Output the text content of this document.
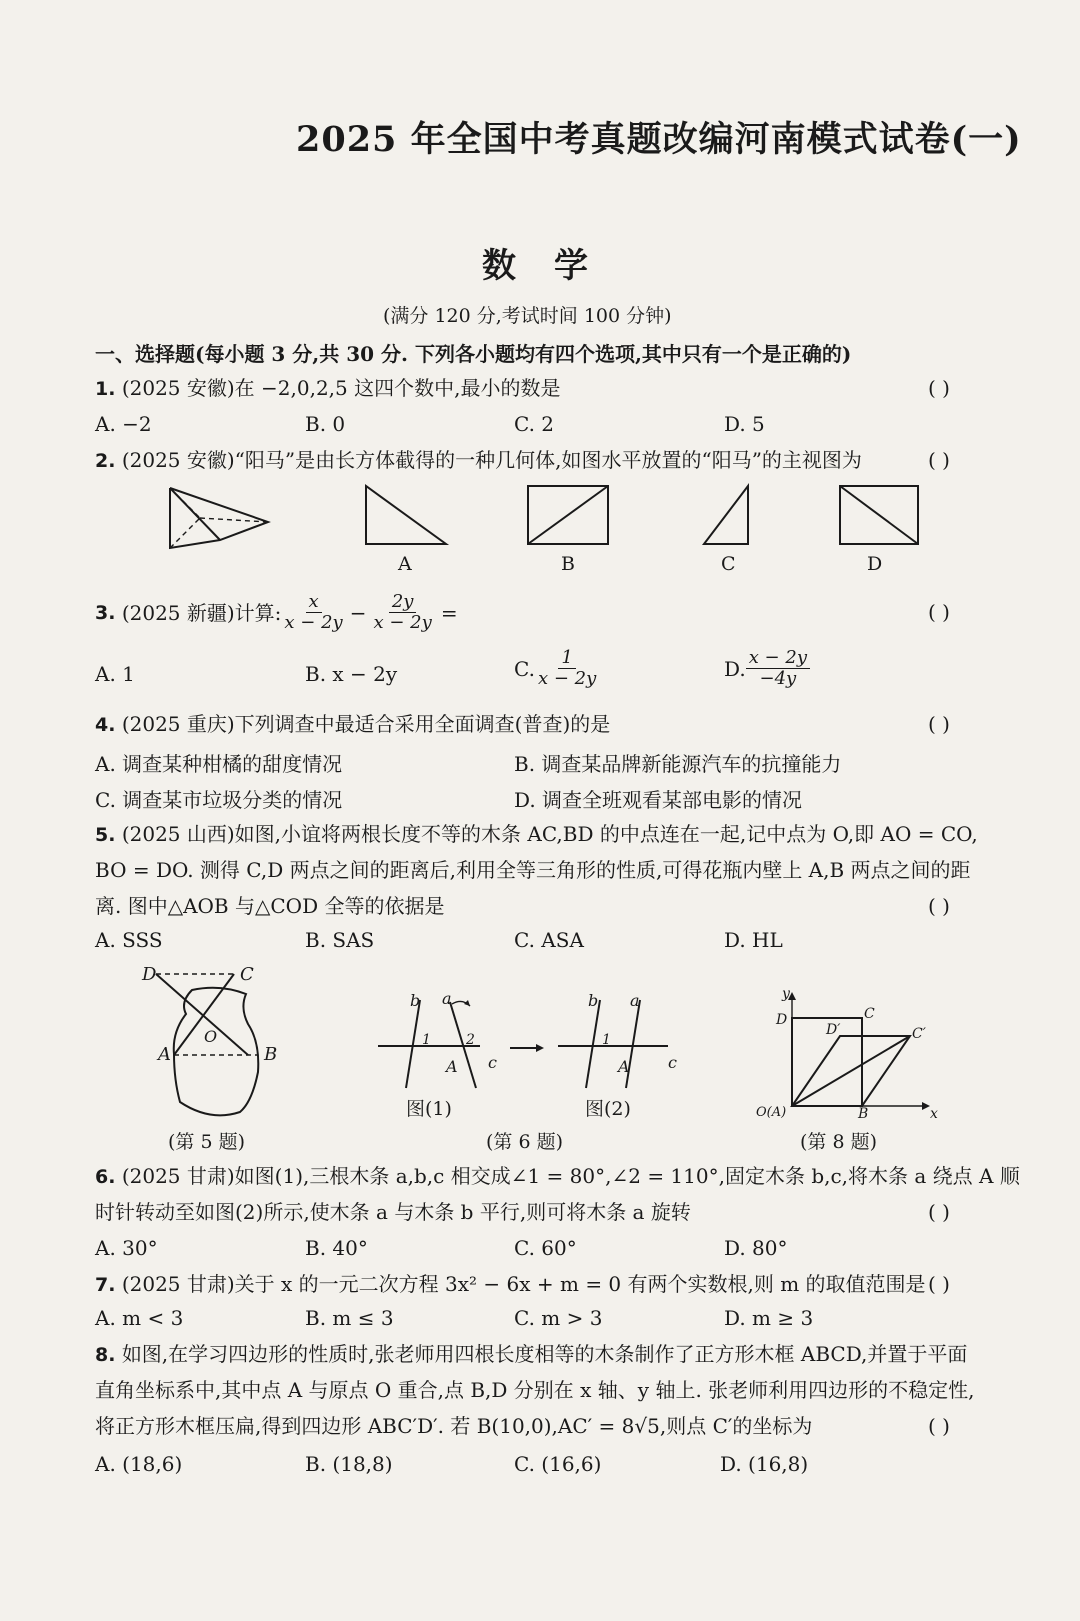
2025 年全国中考真题改编河南模式试卷(一)
数学
(满分 120 分,考试时间 100 分钟)
一、选择题(每小题 3 分,共 30 分. 下列各小题均有四个选项,其中只有一个是正确的)
1. (2025 安徽)在 −2,0,2,5 这四个数中,最小的数是	( )
A. −2	B. 0	C. 2	D. 5
2. (2025 安徽)“阳马”是由长方体截得的一种几何体,如图水平放置的“阳马”的主视图为	( )
A	B	C	D
3.
(2025 新疆)计算: $\frac{x}{x - 2y} - \frac{2y}{x - 2y}$ =	( )
A. 1	B. x − 2y	C. $\frac{1}{x - 2y}$	D. $\frac{x - 2y}{-4y}$
4. (2025 重庆)下列调查中最适合采用全面调查(普查)的是	( )
A. 调查某种柑橘的甜度情况	B. 调查某品牌新能源汽车的抗撞能力
C. 调查某市垃圾分类的情况	D. 调查全班观看某部电影的情况
5. (2025 山西)如图,小谊将两根长度不等的木条 AC,BD 的中点连在一起,记中点为 O,即 AO = CO,
BO = DO. 测得 C,D 两点之间的距离后,利用全等三角形的性质,可得花瓶内壁上 A,B 两点之间的距
离. 图中△AOB 与△COD 全等的依据是	( )
A. SSS	B. SAS	C. ASA	D. HL
D	C
O
A	B
(第 5 题)
b a
1	2
A c
b a
1
A c
图(1)	图(2)
(第 6 题)
y
x
D	C
D′	C′
O(A)	B
(第 8 题)
6. (2025 甘肃)如图(1),三根木条 a,b,c 相交成∠1 = 80°,∠2 = 110°,固定木条 b,c,将木条 a 绕点 A 顺
时针转动至如图(2)所示,使木条 a 与木条 b 平行,则可将木条 a 旋转	( )
A. 30°	B. 40°	C. 60°	D. 80°
7. (2025 甘肃)关于 x 的一元二次方程 3x² − 6x + m = 0 有两个实数根,则 m 的取值范围是 ( )
A. m < 3	B. m ≤ 3	C. m > 3	D. m ≥ 3
8. 如图,在学习四边形的性质时,张老师用四根长度相等的木条制作了正方形木框 ABCD,并置于平面
直角坐标系中,其中点 A 与原点 O 重合,点 B,D 分别在 x 轴、y 轴上. 张老师利用四边形的不稳定性,
将正方形木框压扁,得到四边形 ABC′D′. 若 B(10,0),AC′ = 8√5,则点 C′的坐标为	( )
A. (18,6)	B. (18,8)	C. (16,6)	D. (16,8)
